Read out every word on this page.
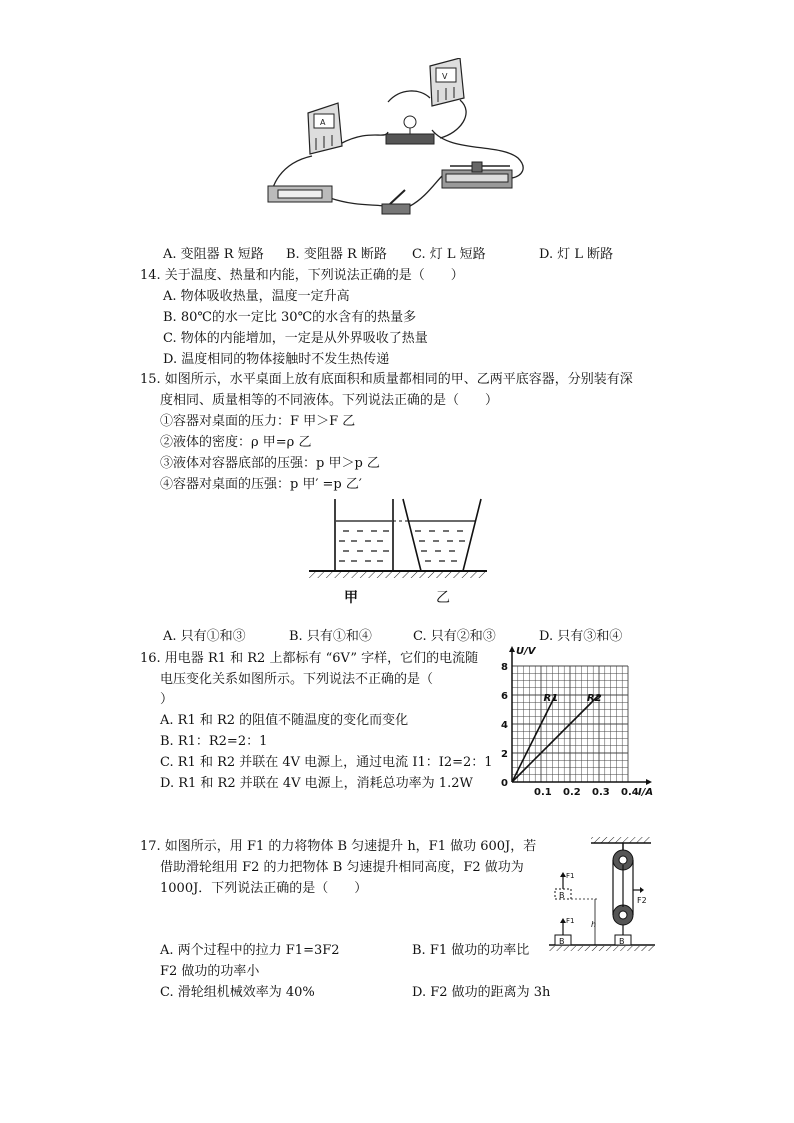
A
V
A. 变阻器 R 短路 B. 变阻器 R 断路 C. 灯 L 短路	D. 灯 L 断路
14. 关于温度、热量和内能，下列说法正确的是（　　）
A. 物体吸收热量，温度一定升高
B. 80℃的水一定比 30℃的水含有的热量多
C. 物体的内能增加，一定是从外界吸收了热量
D. 温度相同的物体接触时不发生热传递
15. 如图所示，水平桌面上放有底面积和质量都相同的甲、乙两平底容器，分别装有深
度相同、质量相等的不同液体。下列说法正确的是（　　）
①容器对桌面的压力：F 甲＞F 乙
②液体的密度：ρ 甲=ρ 乙
③液体对容器底部的压强：p 甲＞p 乙
④容器对桌面的压强：p 甲′ =p 乙′
甲	乙
A. 只有①和③	B. 只有①和④	C. 只有②和③	D. 只有③和④
16. 用电器 R1 和 R2 上都标有 “6V” 字样，它们的电流随
电压变化关系如图所示。下列说法不正确的是（
）
A. R1 和 R2 的阻值不随温度的变化而变化
B. R1：R2=2：1
C. R1 和 R2 并联在 4V 电源上，通过电流 I1：I2=2：1
D. R1 和 R2 并联在 4V 电源上，消耗总功率为 1.2W
0.1 0.2 0.3 0.4
0
2
4
6
8
I/A
U/V
R1	R2
17. 如图所示，用 F1 的力将物体 B 匀速提升 h，F1 做功 600J，若
借助滑轮组用 F2 的力把物体 B 匀速提升相同高度，F2 做功为
1000J．下列说法正确的是（　　）
F2
B
B
F1
B
F1
h
A. 两个过程中的拉力 F1=3F2	B. F1 做功的功率比
F2 做功的功率小
C. 滑轮组机械效率为 40%	D. F2 做功的距离为 3h
